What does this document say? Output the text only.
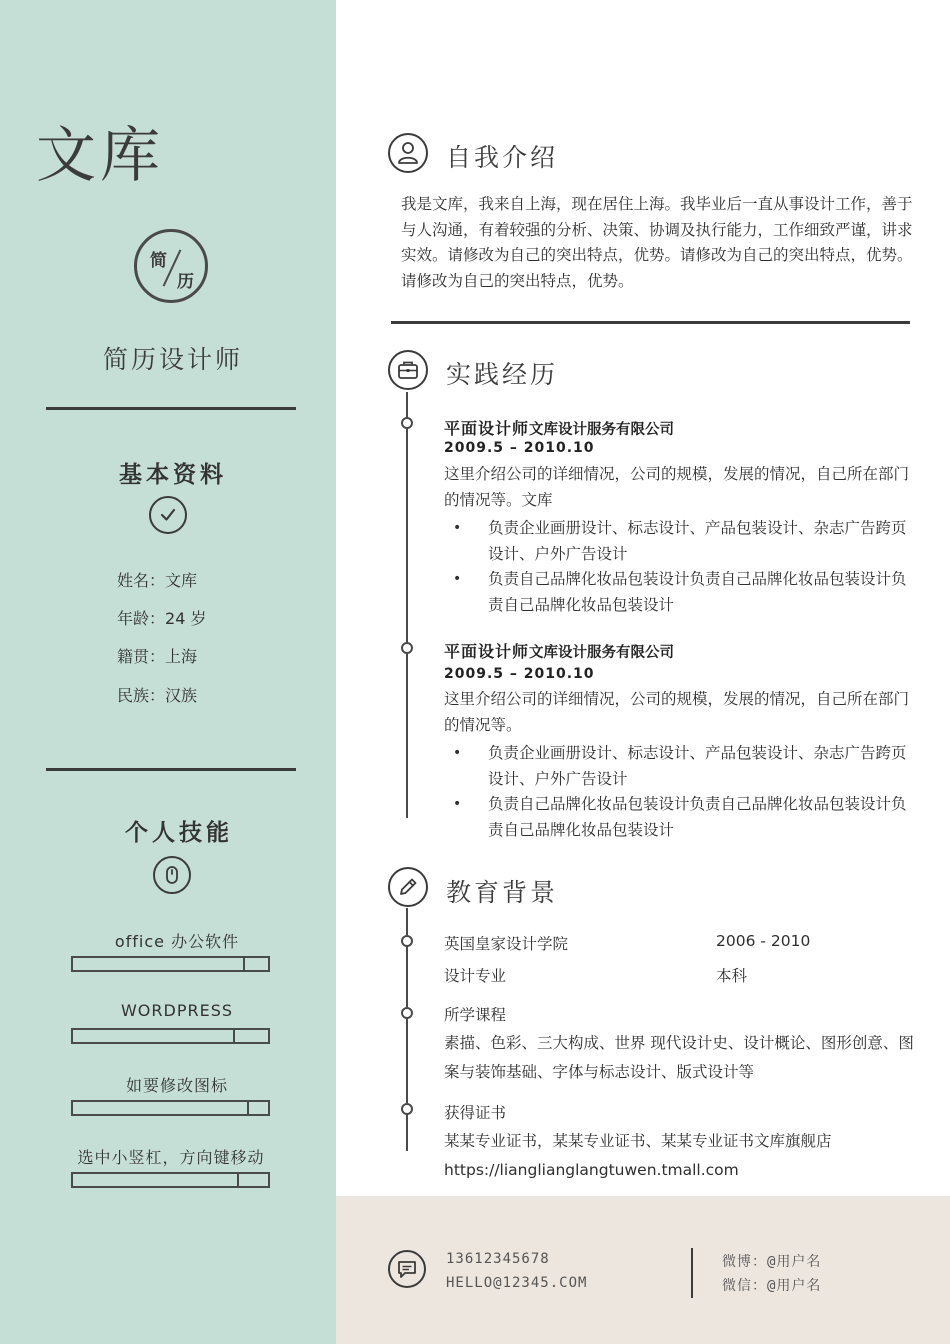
文库
简
历
简历设计师
基本资料
姓名：文库
年龄：24 岁
籍贯：上海
民族：汉族
个人技能
office 办公软件
WORDPRESS
如要修改图标
选中小竖杠，方向键移动
自我介绍
我是文库，我来自上海，现在居住上海。我毕业后一直从事设计工作，善于与人沟通，有着较强的分析、决策、协调及执行能力，工作细致严谨，讲求实效。请修改为自己的突出特点，优势。请修改为自己的突出特点，优势。请修改为自己的突出特点，优势。
实践经历
平面设计师文库设计服务有限公司
2009.5 – 2010.10
这里介绍公司的详细情况，公司的规模，发展的情况，自己所在部门的情况等。文库
• 负责企业画册设计、标志设计、产品包装设计、杂志广告跨页设计、户外广告设计
• 负责自己品牌化妆品包装设计负责自己品牌化妆品包装设计负责自己品牌化妆品包装设计
平面设计师文库设计服务有限公司
2009.5 – 2010.10
这里介绍公司的详细情况，公司的规模，发展的情况，自己所在部门的情况等。
• 负责企业画册设计、标志设计、产品包装设计、杂志广告跨页设计、户外广告设计
• 负责自己品牌化妆品包装设计负责自己品牌化妆品包装设计负责自己品牌化妆品包装设计
教育背景
英国皇家设计学院	2006 - 2010
设计专业	本科
所学课程
素描、色彩、三大构成、世界 现代设计史、设计概论、图形创意、图案与装饰基础、字体与标志设计、版式设计等
获得证书
某某专业证书，某某专业证书、某某专业证书文库旗舰店 https://lianglianglangtuwen.tmall.com
13612345678
HELLO@12345.COM
微博：@用户名
微信：@用户名
